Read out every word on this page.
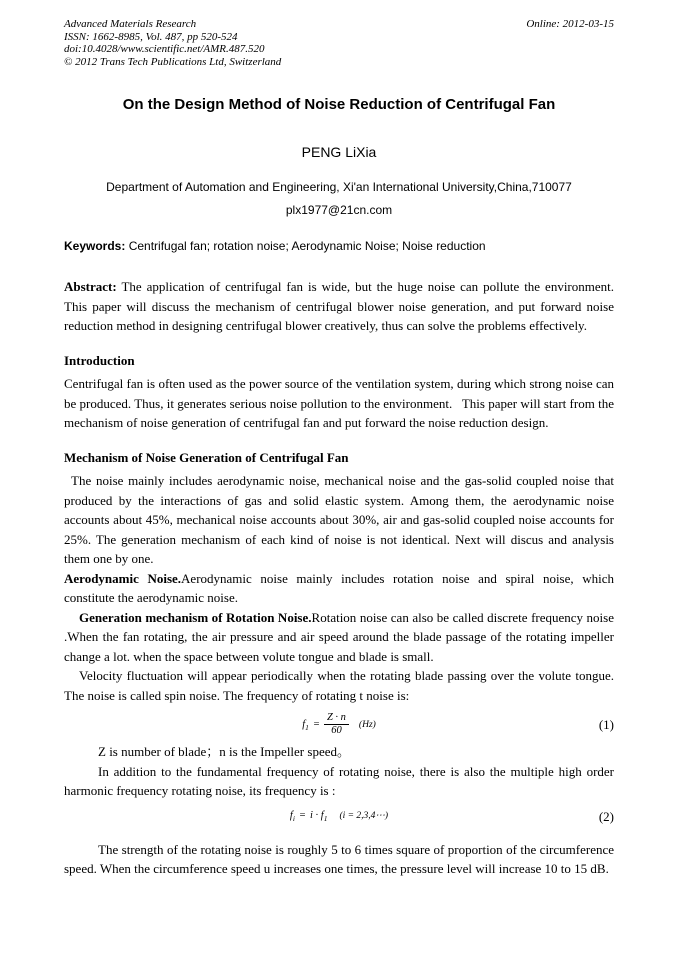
Advanced Materials Research	Online: 2012-03-15
ISSN: 1662-8985, Vol. 487, pp 520-524
doi:10.4028/www.scientific.net/AMR.487.520
© 2012 Trans Tech Publications Ltd, Switzerland
On the Design Method of Noise Reduction of Centrifugal Fan
PENG LiXia
Department of Automation and Engineering, Xi'an International University,China,710077
plx1977@21cn.com

Keywords: Centrifugal fan; rotation noise; Aerodynamic Noise; Noise reduction

Abstract: The application of centrifugal fan is wide, but the huge noise can pollute the environment. This paper will discuss the mechanism of centrifugal blower noise generation, and put forward noise reduction method in designing centrifugal blower creatively, thus can solve the problems effectively.

Introduction

Centrifugal fan is often used as the power source of the ventilation system, during which strong noise can be produced. Thus, it generates serious noise pollution to the environment.   This paper will start from the mechanism of noise generation of centrifugal fan and put forward the noise reduction design.

Mechanism of Noise Generation of Centrifugal Fan

The noise mainly includes aerodynamic noise, mechanical noise and the gas-solid coupled noise that produced by the interactions of gas and solid elastic system. Among them, the aerodynamic noise accounts about 45%, mechanical noise accounts about 30%, air and gas-solid coupled noise accounts for 25%. The generation mechanism of each kind of noise is not identical. Next will discus and analysis them one by one.

Aerodynamic Noise.Aerodynamic noise mainly includes rotation noise and spiral noise, which constitute the aerodynamic noise.

Generation mechanism of Rotation Noise.Rotation noise can also be called discrete frequency noise .When the fan rotating, the air pressure and air speed around the blade passage of the rotating impeller change a lot. when the space between volute tongue and blade is small.

Velocity fluctuation will appear periodically when the rotating blade passing over the volute tongue. The noise is called spin noise. The frequency of rotating t noise is:

$f_1 = \frac{Z \cdot n}{60} (Hz)$	(1)

Z is number of blade；n is the Impeller speed。

In addition to the fundamental frequency of rotating noise, there is also the multiple high order harmonic frequency rotating noise, its frequency is :

$f_i = i \cdot f_1$ (i = 2,3,4⋯)	(2)

The strength of the rotating noise is roughly 5 to 6 times square of proportion of the circumference speed. When the circumference speed u increases one times, the pressure level will increase 10 to 15 dB.
